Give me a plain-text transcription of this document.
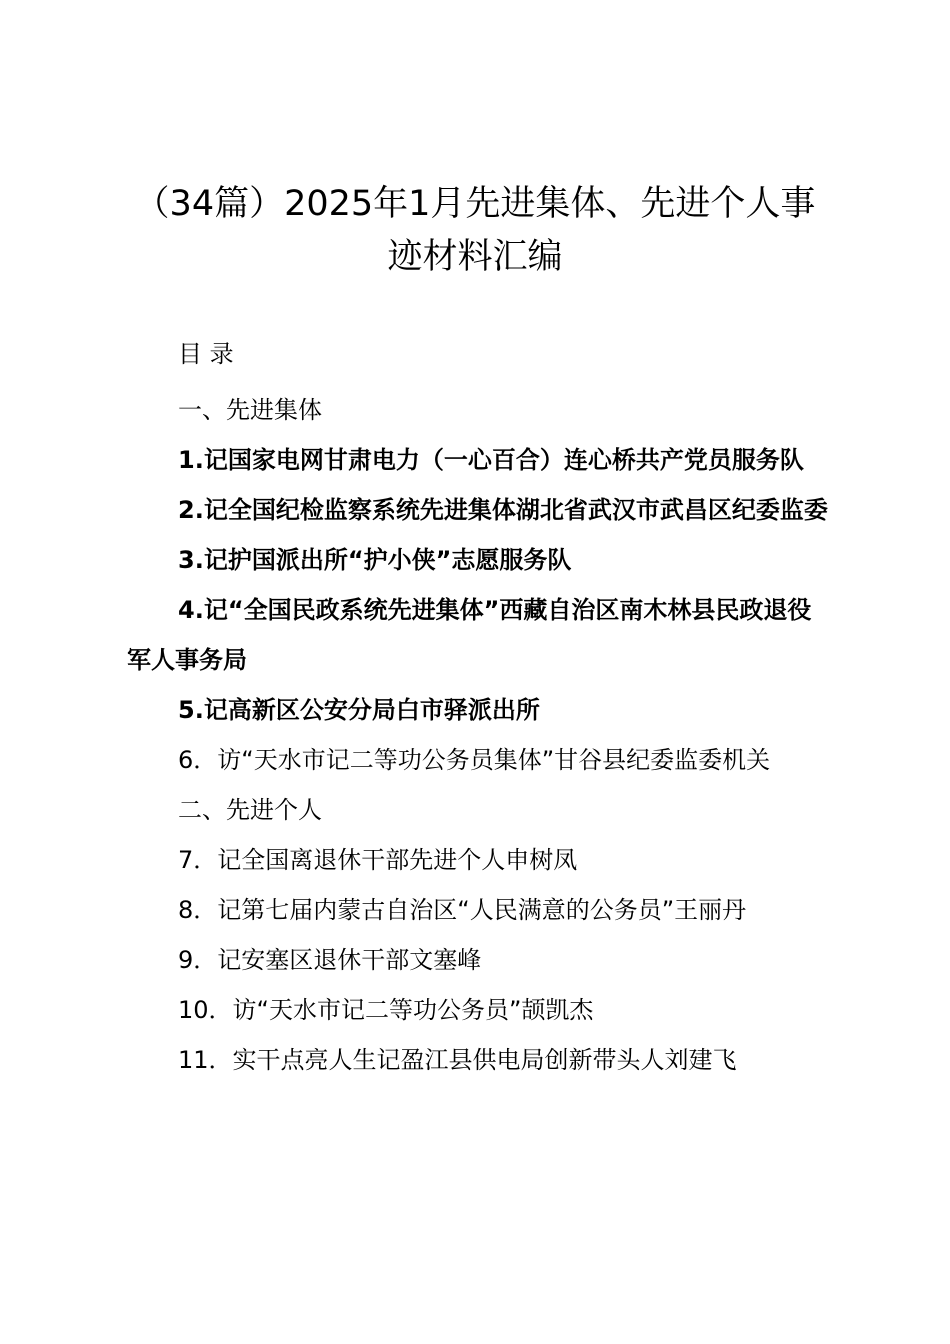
（34篇）2025年1月先进集体、先进个人事
迹材料汇编
目 录
一、先进集体
1.记国家电网甘肃电力（一心百合）连心桥共产党员服务队
2.记全国纪检监察系统先进集体湖北省武汉市武昌区纪委监委
3.记护国派出所“护小侠”志愿服务队
4.记“全国民政系统先进集体”西藏自治区南木林县民政退役军人事务局
5.记高新区公安分局白市驿派出所
6．访“天水市记二等功公务员集体”甘谷县纪委监委机关
二、先进个人
7．记全国离退休干部先进个人申树凤
8．记第七届内蒙古自治区“人民满意的公务员”王丽丹
9．记安塞区退休干部文塞峰
10．访“天水市记二等功公务员”颉凯杰
11．实干点亮人生记盈江县供电局创新带头人刘建飞
